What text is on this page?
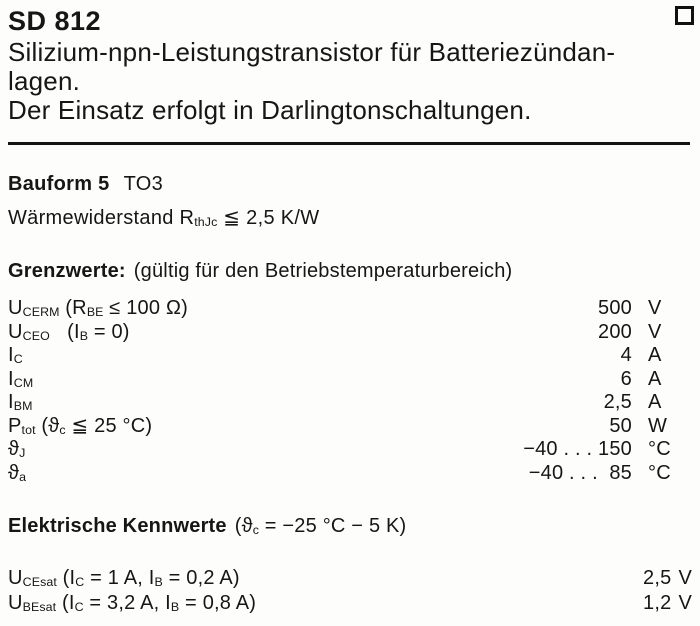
SD 812
Silizium-npn-Leistungstransistor für Batteriezündan-
lagen.
Der Einsatz erfolgt in Darlingtonschaltungen.
Bauform 5 TO3
Wärmewiderstand $R_{thJc}$ ≦ 2,5 K/W
Grenzwerte: (gültig für den Betriebstemperaturbereich)
$U_{CERM}$ ($R_{BE} \le 100$ Ω)	500 V
$U_{CEO}$   $(I_B = 0)$	200 V
$I_C$	4 A
$I_{CM}$	6 A
$I_{BM}$	2,5 A
$P_{tot}$ ($ϑ_c$ ≦ 25 °C)	50 W
$ϑ_J$	−40 . . . 150 °C
$ϑ_a$	−40 . . .  85 °C
Elektrische Kennwerte ($ϑ_c = -25$ °C − 5 K)
$U_{CEsat}$ ($I_C = 1$ A, $I_B = 0,2$ A)	2,5 V
$U_{BEsat}$ ($I_C = 3,2$ A, $I_B = 0,8$ A)	1,2 V
